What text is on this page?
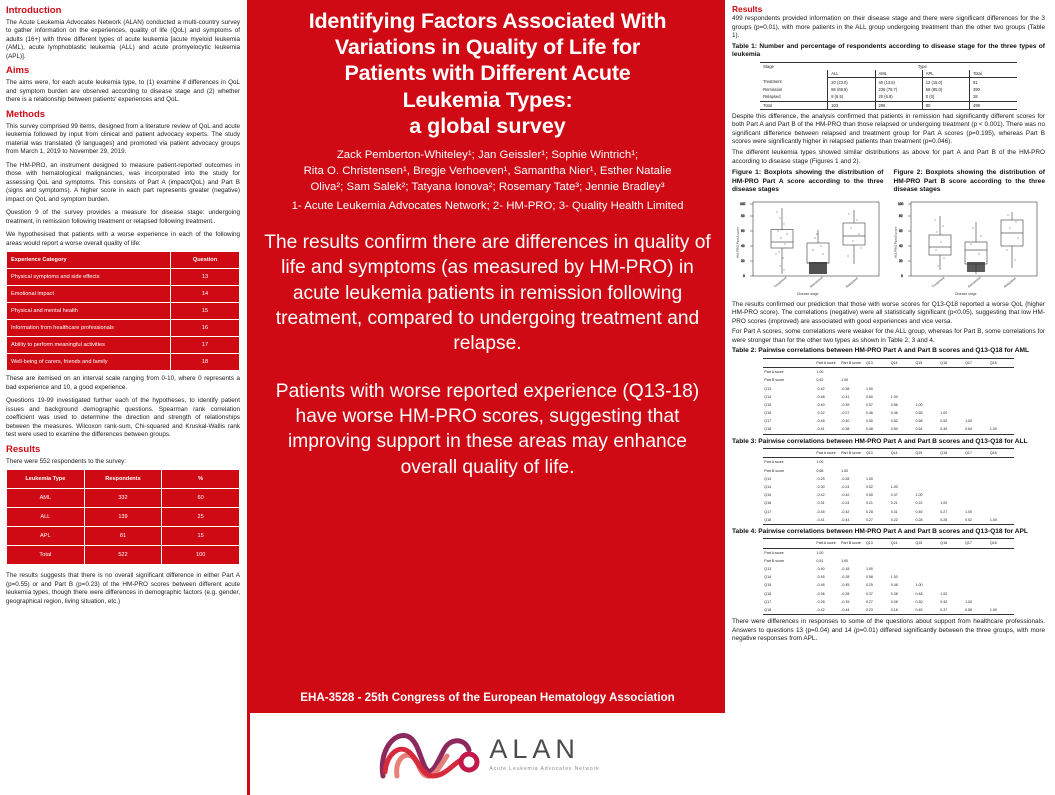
Introduction

The Acute Leukemia Advocates Network (ALAN) conducted a multi-country survey to gather information on the experiences, quality of life (QoL) and symptoms of adults (16+) with three different types of acute leukemia [acute myeloid leukemia (AML), acute lymphoblastic leukemia (ALL) and acute promyelocytic leukemia (APL)].

Aims

The aims were, for each acute leukemia type, to (1) examine if differences in QoL and symptom burden are observed according to disease stage and (2) whether there is a relationship between patients' experiences and QoL.

Methods

This survey comprised 99 items, designed from a literature review of QoL and acute leukemia followed by input from clinical and patient advocacy experts. The study material was translated (9 languages) and promoted via patient advocacy groups from March 1, 2019 to November 29, 2019.

The HM-PRO, an instrument designed to measure patient-reported outcomes in those with hematological malignancies, was incorporated into the study for assessing QoL and symptoms. This consists of Part A (impact/QoL) and Part B (signs and symptoms). A higher score in each part represents greater (negative) impact on QoL and symptom burden.

Question 9 of the survey provides a measure for disease stage: undergoing treatment, in remission following treatment or relapsed following treatment..

We hypothesised that patients with a worse experience in each of the following areas would report a worse overall quality of life:

Experience Category	Question
Physical symptoms and side effects	13
Emotional impact	14
Physical and mental health	15
Information from healthcare professionals	16
Ability to perform meaningful activities	17
Well-being of carers, friends and family	18

These are itemised on an interval scale ranging from 0-10, where 0 represents a bad experience and 10, a good experience.

Questions 19-99 investigated further each of the hypotheses, to identify patient issues and background demographic questions. Spearman rank correlation coefficient was used to determine the direction and strength of relationships between the measures. Wilcoxon rank-sum, Chi-squared and Kruskal-Wallis rank test were used to examine the differences between groups.

Results

There were 552 respondents to the survey:

Leukemia Type	Respondents	%
AML	332	60
ALL	139	25
APL	81	15
Total	522	100

The results suggests that there is no overall significant difference in either Part A (p=0.55) or and Part B (p=0.23) of the HM-PRO scores between different acute leukemia types, though there were differences in demographic factors (e.g. gender, geographical region, living situation, etc.)

Identifying Factors Associated With
Variations in Quality of Life for
Patients with Different Acute
Leukemia Types:
a global survey
Zack Pemberton-Whiteley¹; Jan Geissler¹; Sophie Wintrich¹;
Rita O. Christensen¹, Bregje Verhoeven¹, Samantha Nier¹, Esther Natalie
Oliva²; Sam Salek²; Tatyana Ionova²; Rosemary Tate³; Jennie Bradley³
1- Acute Leukemia Advocates Network; 2- HM-PRO; 3- Quality Health Limited
The results confirm there are differences in quality of life and symptoms (as measured by HM-PRO) in acute leukemia patients in remission following treatment, compared to undergoing treatment and relapse.
Patients with worse reported experience (Q13-18) have worse HM-PRO scores, suggesting that improving support in these areas may enhance overall quality of life.
EHA-3528 - 25th Congress of the European Hematology Association
ALAN
Acute Leukemia Advocates Network
Results

499 respondents provided information on their disease stage and there were significant differences for the 3 groups (p=0.01), with more patients in the ALL group undergoing treatment than the other two groups (Table 1).

Table 1: Number and percentage of respondents according to disease stage for the three types of leukemia
Stage	Type			
	ALL	AML	APL	Total
Treatment	20 (23.0)	40 (13.5)	12 (15.0)	81
Remission	86 (69.9)	236 (79.7)	68 (85.0)	390
Relapsed	8 (6.5)	20 (6.8)	0 (0)	28
Total	103	296	80	499

Despite this difference, the analysis confirmed that patients in remission had significantly different scores for both Part A and Part B of the HM-PRO than those relapsed or undergoing treatment (p < 0.001). There was no significant difference between relapsed and treatment group for Part A scores (p=0.195), whereas Part B scores were significantly higher in relapsed patients than treatment (p=0.046).

The different leukemia types showed similar distributions as above for part A and Part B of the HM-PRO according to disease stage (Figures 1 and 2).

Figure 1: Boxplots showing the distribution of HM-PRO Part A score according to the three disease stages
Figure 2: Boxplots showing the distribution of HM-PRO Part B score according to the three disease stages
0
20
40
60
80
100
Treatment	Remission	Relapsed
Disease stage
HM-PRO Part A score
0
20
40
60
80
100
Treatment	Remission	Relapsed
Disease stage
HM-PRO Part B score

The results confirmed our prediction that those with worse scores for Q13-Q18 reported a worse QoL (higher HM-PRO score). The correlations (negative) were all statistically significant (p<0.05), suggesting that low HM-PRO scores (improved) are associated with good experiences and vice versa.

For Part A scores, some correlations were weaker for the ALL group, whereas for Part B, some correlations for were stronger than for the other two types as shown in Table 2, 3 and 4.

Table 2: Pairwise correlations between HM-PRO Part A and Part B scores and Q13-Q18 for AML
	Part A score	Part B score	Q13	Q14	Q15	Q16	Q17	Q18
Part A score	1.00							
Part B score	0.62	1.00						
Q13	-0.42	-0.38	1.00					
Q14	-0.48	-0.41	0.60	1.00				
Q15	-0.40	-0.39	0.57	0.56	1.00			
Q16	-0.32	-0.27	0.46	0.46	0.55	1.00		
Q17	-0.45	-0.40	0.50	0.52	0.58	0.52	1.00	
Q18	-0.41	-0.38	0.48	0.50	0.54	0.49	0.64	1.00
Table 3: Pairwise correlations between HM-PRO Part A and Part B scores and Q13-Q18 for ALL
	Part A score	Part B score	Q13	Q14	Q15	Q16	Q17	Q18
Part A score	1.00							
Part B score	0.68	1.00						
Q13	-0.25	-0.28	1.00					
Q14	-0.30	-0.24	0.52	1.00				
Q15	-0.42	-0.42	0.50	0.47	1.00			
Q16	-0.31	-0.24	0.21	0.21	0.22	1.00		
Q17	-0.45	-0.42	0.28	0.31	0.46	0.27	1.00	
Q18	-0.41	-0.44	0.27	0.22	0.28	0.26	0.52	1.00
Table 4: Pairwise correlations between HM-PRO Part A and Part B scores and Q13-Q18 for APL
	Part A score	Part B score	Q13	Q14	Q15	Q16	Q17	Q18
Part A score	1.00							
Part B score	0.51	1.00						
Q13	-0.40	-0.18	1.00					
Q14	-0.45	-0.28	0.58	1.00				
Q15	-0.46	-0.45	0.25	0.48	1.00			
Q16	-0.36	-0.28	0.37	0.38	0.48	1.00		
Q17	-0.28	-0.15	0.27	0.08	0.30	0.42	1.00	
Q18	-0.42	-0.44	0.23	0.18	0.45	0.37	0.58	1.00

There were differences in responses to some of the questions about support from healthcare professionals. Answers to questions 13 (p=0.04) and 14 (p=0.01) differed significantly between the three groups, with more negative responses from APL.
